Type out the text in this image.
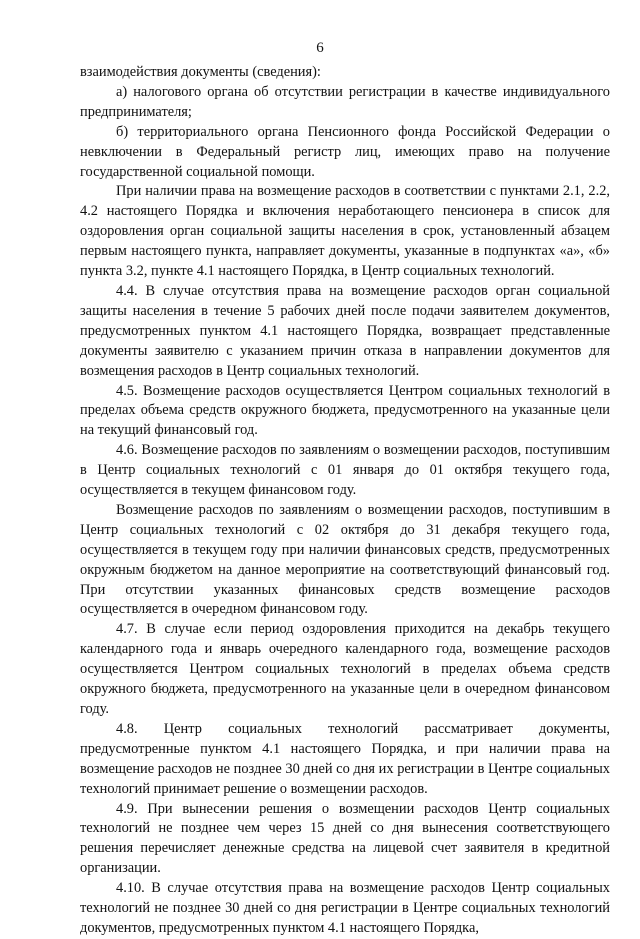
6

взаимодействия документы (сведения):

а) налогового органа об отсутствии регистрации в качестве индивидуального предпринимателя;

б) территориального органа Пенсионного фонда Российской Федерации о невключении в Федеральный регистр лиц, имеющих право на получение государственной социальной помощи.

При наличии права на возмещение расходов в соответствии с пунктами 2.1, 2.2, 4.2 настоящего Порядка и включения неработающего пенсионера в список для оздоровления орган социальной защиты населения в срок, установленный абзацем первым настоящего пункта, направляет документы, указанные в подпунктах «а», «б» пункта 3.2, пункте 4.1 настоящего Порядка, в Центр социальных технологий.

4.4. В случае отсутствия права на возмещение расходов орган социальной защиты населения в течение 5 рабочих дней после подачи заявителем документов, предусмотренных пунктом 4.1 настоящего Порядка, возвращает представленные документы заявителю с указанием причин отказа в направлении документов для возмещения расходов в Центр социальных технологий.

4.5. Возмещение расходов осуществляется Центром социальных технологий в пределах объема средств окружного бюджета, предусмотренного на указанные цели на текущий финансовый год.

4.6. Возмещение расходов по заявлениям о возмещении расходов, поступившим в Центр социальных технологий с 01 января до 01 октября текущего года, осуществляется в текущем финансовом году.

Возмещение расходов по заявлениям о возмещении расходов, поступившим в Центр социальных технологий с 02 октября до 31 декабря текущего года, осуществляется в текущем году при наличии финансовых средств, предусмотренных окружным бюджетом на данное мероприятие на соответствующий финансовый год. При отсутствии указанных финансовых средств возмещение расходов осуществляется в очередном финансовом году.

4.7. В случае если период оздоровления приходится на декабрь текущего календарного года и январь очередного календарного года, возмещение расходов осуществляется Центром социальных технологий в пределах объема средств окружного бюджета, предусмотренного на указанные цели в очередном финансовом году.

4.8. Центр социальных технологий рассматривает документы, предусмотренные пунктом 4.1 настоящего Порядка, и при наличии права на возмещение расходов не позднее 30 дней со дня их регистрации в Центре социальных технологий принимает решение о возмещении расходов.

4.9. При вынесении решения о возмещении расходов Центр социальных технологий не позднее чем через 15 дней со дня вынесения соответствующего решения перечисляет денежные средства на лицевой счет заявителя в кредитной организации.

4.10. В случае отсутствия права на возмещение расходов Центр социальных технологий не позднее 30 дней со дня регистрации в Центре социальных технологий документов, предусмотренных пунктом 4.1 настоящего Порядка,
